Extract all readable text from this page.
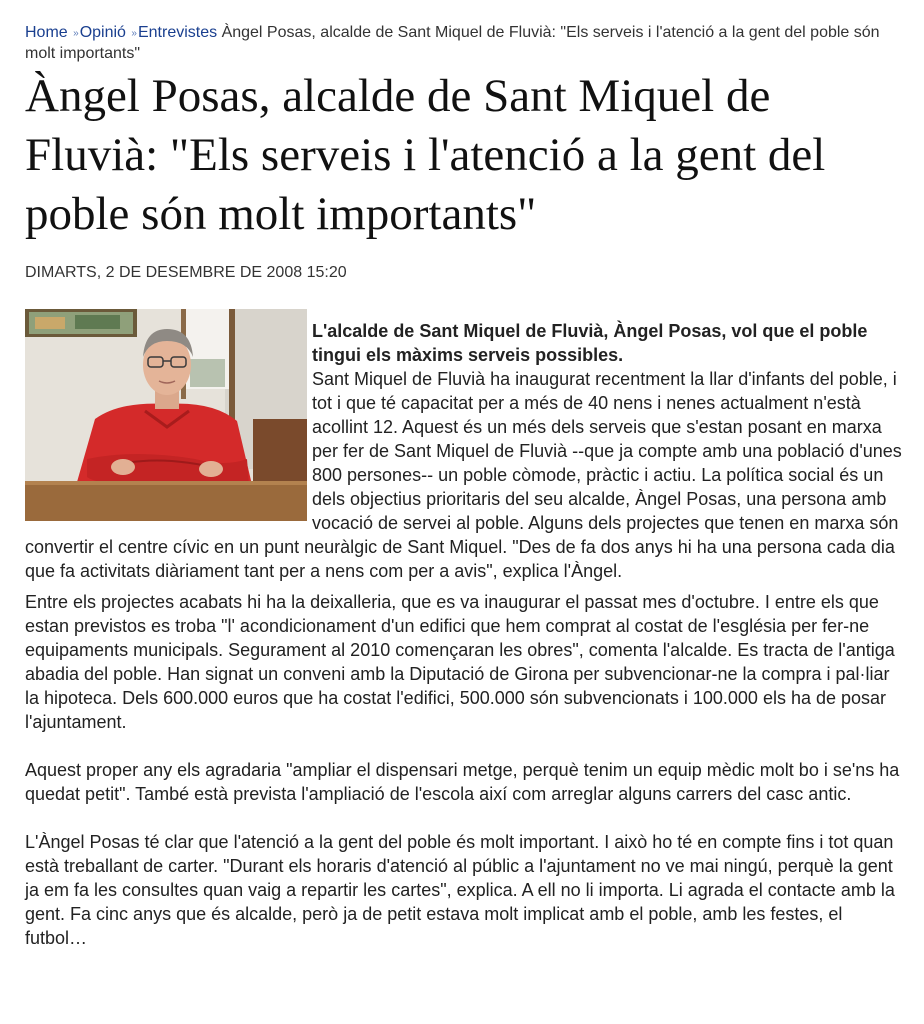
Home »Opinió »Entrevistes Àngel Posas, alcalde de Sant Miquel de Fluvià: "Els serveis i l'atenció a la gent del poble són molt importants"
Àngel Posas, alcalde de Sant Miquel de Fluvià: "Els serveis i l'atenció a la gent del poble són molt importants"
DIMARTS, 2 DE DESEMBRE DE 2008 15:20

L'alcalde de Sant Miquel de Fluvià, Àngel Posas, vol que el poble tingui els màxims serveis possibles.

Sant Miquel de Fluvià ha inaugurat recentment la llar d'infants del poble, i tot i que té capacitat per a més de 40 nens i nenes actualment n'està acollint 12. Aquest és un més dels serveis que s'estan posant en marxa per fer de Sant Miquel de Fluvià --que ja compte amb una població d'unes 800 persones-- un poble còmode, pràctic i actiu. La política social és un dels objectius prioritaris del seu alcalde, Àngel Posas, una persona amb vocació de servei al poble. Alguns dels projectes que tenen en marxa són convertir el centre cívic en un punt neuràlgic de Sant Miquel. "Des de fa dos anys hi ha una persona cada dia que fa activitats diàriament tant per a nens com per a avis", explica l'Àngel.

Entre els projectes acabats hi ha la deixalleria, que es va inaugurar el passat mes d'octubre. I entre els que estan previstos es troba "l' acondicionament d'un edifici que hem comprat al costat de l'església per fer-ne equipaments municipals. Segurament al 2010 començaran les obres", comenta l'alcalde. Es tracta de l'antiga abadia del poble. Han signat un conveni amb la Diputació de Girona per subvencionar-ne la compra i pal·liar la hipoteca. Dels 600.000 euros que ha costat l'edifici, 500.000 són subvencionats i 100.000 els ha de posar l'ajuntament.

Aquest proper any els agradaria "ampliar el dispensari metge, perquè tenim un equip mèdic molt bo i se'ns ha quedat petit". També està prevista l'ampliació de l'escola així com arreglar alguns carrers del casc antic.

L'Àngel Posas té clar que l'atenció a la gent del poble és molt important. I això ho té en compte fins i tot quan està treballant de carter. "Durant els horaris d'atenció al públic a l'ajuntament no ve mai ningú, perquè la gent ja em fa les consultes quan vaig a repartir les cartes", explica. A ell no li importa. Li agrada el contacte amb la gent. Fa cinc anys que és alcalde, però ja de petit estava molt implicat amb el poble, amb les festes, el futbol…
